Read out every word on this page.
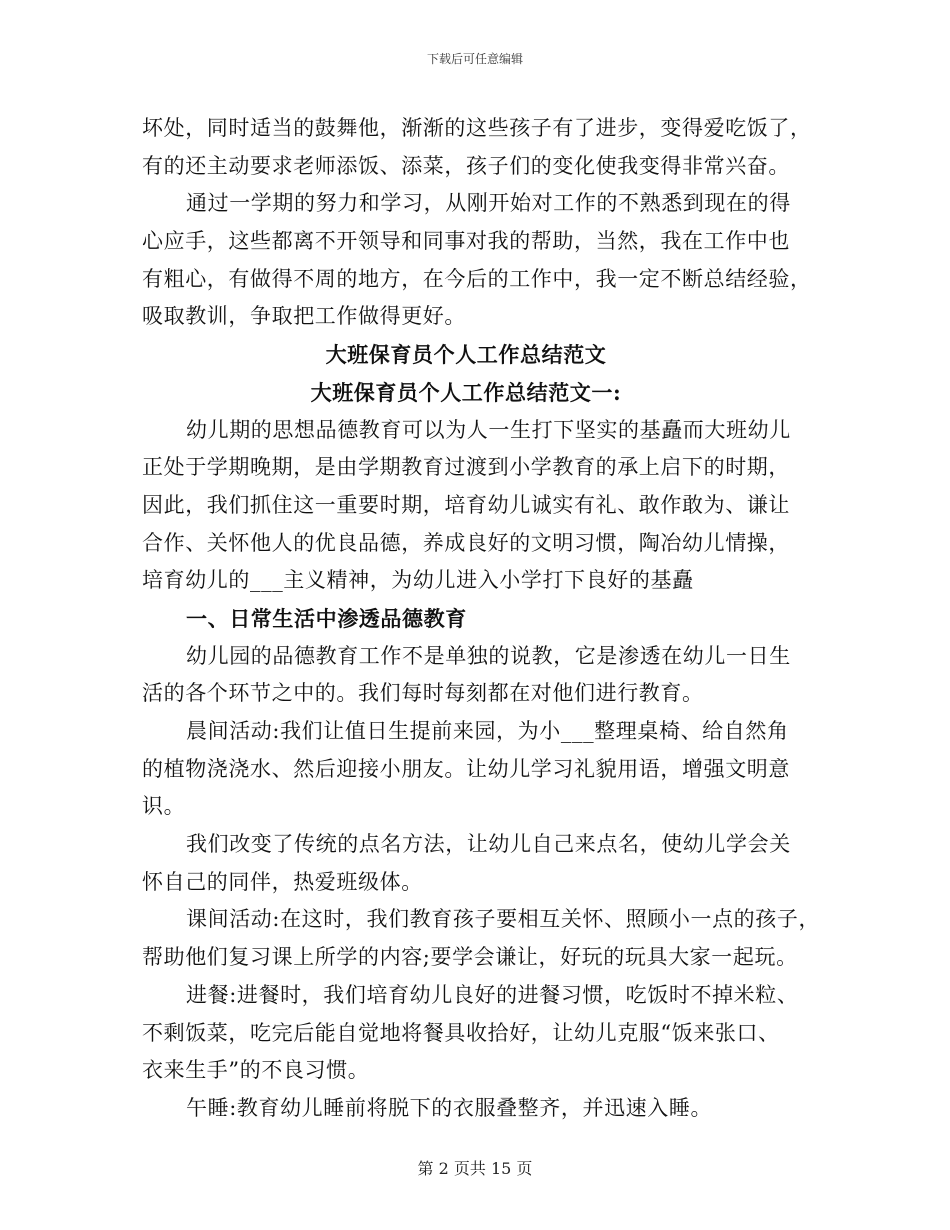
下载后可任意编辑
坏处，同时适当的鼓舞他，渐渐的这些孩子有了进步，变得爱吃饭了，
有的还主动要求老师添饭、添菜，孩子们的变化使我变得非常兴奋。
通过一学期的努力和学习，从刚开始对工作的不熟悉到现在的得
心应手，这些都离不开领导和同事对我的帮助，当然，我在工作中也
有粗心，有做得不周的地方，在今后的工作中，我一定不断总结经验，
吸取教训，争取把工作做得更好。
大班保育员个人工作总结范文
大班保育员个人工作总结范文一:
幼儿期的思想品德教育可以为人一生打下坚实的基矗而大班幼儿
正处于学期晚期，是由学期教育过渡到小学教育的承上启下的时期，
因此，我们抓住这一重要时期，培育幼儿诚实有礼、敢作敢为、谦让
合作、关怀他人的优良品德，养成良好的文明习惯，陶冶幼儿情操，
培育幼儿的___主义精神，为幼儿进入小学打下良好的基矗
一、日常生活中渗透品德教育
幼儿园的品德教育工作不是单独的说教，它是渗透在幼儿一日生
活的各个环节之中的。我们每时每刻都在对他们进行教育。
晨间活动:我们让值日生提前来园，为小___整理桌椅、给自然角
的植物浇浇水、然后迎接小朋友。让幼儿学习礼貌用语，增强文明意
识。
我们改变了传统的点名方法，让幼儿自己来点名，使幼儿学会关
怀自己的同伴，热爱班级体。
课间活动:在这时，我们教育孩子要相互关怀、照顾小一点的孩子，
帮助他们复习课上所学的内容;要学会谦让，好玩的玩具大家一起玩。
进餐:进餐时，我们培育幼儿良好的进餐习惯，吃饭时不掉米粒、
不剩饭菜，吃完后能自觉地将餐具收拾好，让幼儿克服“饭来张口、
衣来生手”的不良习惯。
午睡:教育幼儿睡前将脱下的衣服叠整齐，并迅速入睡。
第 2 页共 15 页
